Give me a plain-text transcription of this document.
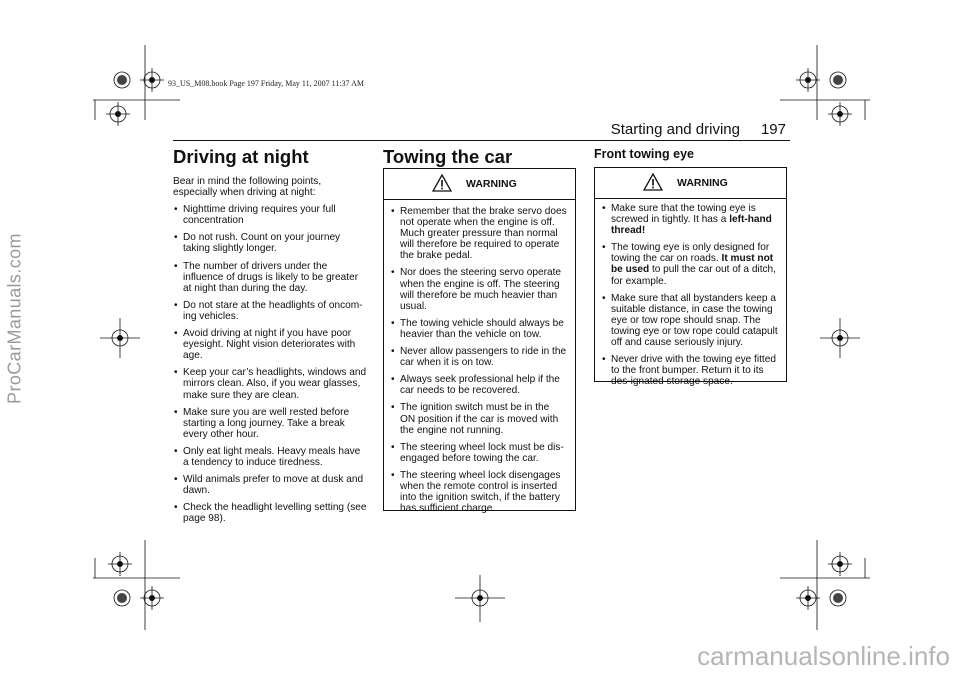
93_US_M08.book Page 197 Friday, May 11, 2007 11:37 AM
Starting and driving 197
Driving at night
Bear in mind the following points, especially when driving at night:
• Nighttime driving requires your full concentration
• Do not rush. Count on your journey taking slightly longer.
• The number of drivers under the influence of drugs is likely to be greater at night than during the day.
• Do not stare at the headlights of oncom-ing vehicles.
• Avoid driving at night if you have poor eyesight. Night vision deteriorates with age.
• Keep your car’s headlights, windows and mirrors clean. Also, if you wear glasses, make sure they are clean.
• Make sure you are well rested before starting a long journey. Take a break every other hour.
• Only eat light meals. Heavy meals have a tendency to induce tiredness.
• Wild animals prefer to move at dusk and dawn.
• Check the headlight levelling setting (see page 98).
Towing the car
WARNING
• Remember that the brake servo does not operate when the engine is off. Much greater pressure than normal will therefore be required to operate the brake pedal.
• Nor does the steering servo operate when the engine is off. The steering will therefore be much heavier than usual.
• The towing vehicle should always be heavier than the vehicle on tow.
• Never allow passengers to ride in the car when it is on tow.
• Always seek professional help if the car needs to be recovered.
• The ignition switch must be in the ON position if the car is moved with the engine not running.
• The steering wheel lock must be dis-engaged before towing the car.
• The steering wheel lock disengages when the remote control is inserted into the ignition switch, if the battery has sufficient charge.
Front towing eye
WARNING
• Make sure that the towing eye is screwed in tightly. It has a left-hand thread!
• The towing eye is only designed for towing the car on roads. It must not be used to pull the car out of a ditch, for example.
• Make sure that all bystanders keep a suitable distance, in case the towing eye or tow rope should snap. The towing eye or tow rope could catapult off and cause seriously injury.
• Never drive with the towing eye fitted to the front bumper. Return it to its des-ignated storage space.
ProCarManuals.com
carmanualsonline.info
